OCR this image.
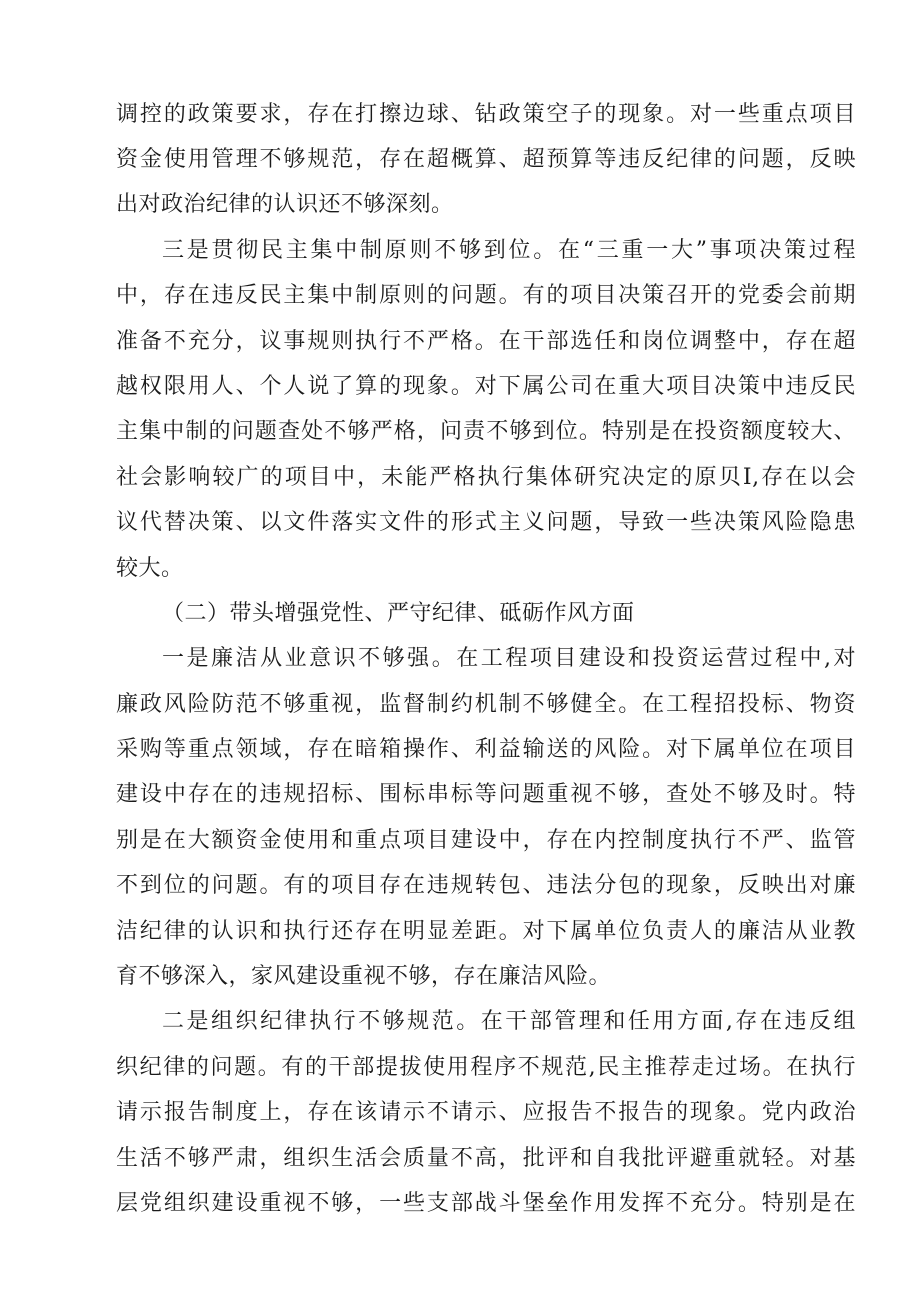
调控的政策要求，存在打擦边球、钻政策空子的现象。对一些重点项目
资金使用管理不够规范，存在超概算、超预算等违反纪律的问题，反映
出对政治纪律的认识还不够深刻。
三是贯彻民主集中制原则不够到位。在“三重一大”事项决策过程
中，存在违反民主集中制原则的问题。有的项目决策召开的党委会前期
准备不充分，议事规则执行不严格。在干部选任和岗位调整中，存在超
越权限用人、个人说了算的现象。对下属公司在重大项目决策中违反民
主集中制的问题查处不够严格，问责不够到位。特别是在投资额度较大、
社会影响较广的项目中，未能严格执行集体研究决定的原贝I,存在以会
议代替决策、以文件落实文件的形式主义问题，导致一些决策风险隐患
较大。
（二）带头增强党性、严守纪律、砥砺作风方面
一是廉洁从业意识不够强。在工程项目建设和投资运营过程中,对
廉政风险防范不够重视，监督制约机制不够健全。在工程招投标、物资
采购等重点领域，存在暗箱操作、利益输送的风险。对下属单位在项目
建设中存在的违规招标、围标串标等问题重视不够，查处不够及时。特
别是在大额资金使用和重点项目建设中，存在内控制度执行不严、监管
不到位的问题。有的项目存在违规转包、违法分包的现象，反映出对廉
洁纪律的认识和执行还存在明显差距。对下属单位负责人的廉洁从业教
育不够深入，家风建设重视不够，存在廉洁风险。
二是组织纪律执行不够规范。在干部管理和任用方面,存在违反组
织纪律的问题。有的干部提拔使用程序不规范,民主推荐走过场。在执行
请示报告制度上，存在该请示不请示、应报告不报告的现象。党内政治
生活不够严肃，组织生活会质量不高，批评和自我批评避重就轻。对基
层党组织建设重视不够，一些支部战斗堡垒作用发挥不充分。特别是在
